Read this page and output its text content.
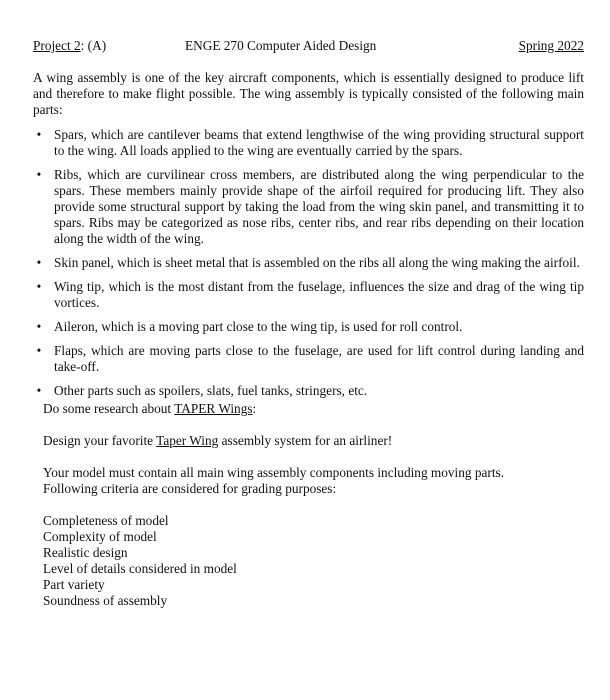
Project 2: (A)	ENGE 270 Computer Aided Design	Spring 2022

A wing assembly is one of the key aircraft components, which is essentially designed to produce lift and therefore to make flight possible. The wing assembly is typically consisted of the following main parts:

• Spars, which are cantilever beams that extend lengthwise of the wing providing structural support to the wing. All loads applied to the wing are eventually carried by the spars.
• Ribs, which are curvilinear cross members, are distributed along the wing perpendicular to the spars. These members mainly provide shape of the airfoil required for producing lift. They also provide some structural support by taking the load from the wing skin panel, and transmitting it to spars. Ribs may be categorized as nose ribs, center ribs, and rear ribs depending on their location along the width of the wing.
• Skin panel, which is sheet metal that is assembled on the ribs all along the wing making the airfoil.
• Wing tip, which is the most distant from the fuselage, influences the size and drag of the wing tip vortices.
• Aileron, which is a moving part close to the wing tip, is used for roll control.
• Flaps, which are moving parts close to the fuselage, are used for lift control during landing and take-off.
• Other parts such as spoilers, slats, fuel tanks, stringers, etc.

Do some research about TAPER Wings:

Design your favorite Taper Wing assembly system for an airliner!

Your model must contain all main wing assembly components including moving parts.

Following criteria are considered for grading purposes:

Completeness of model
Complexity of model
Realistic design
Level of details considered in model
Part variety
Soundness of assembly
